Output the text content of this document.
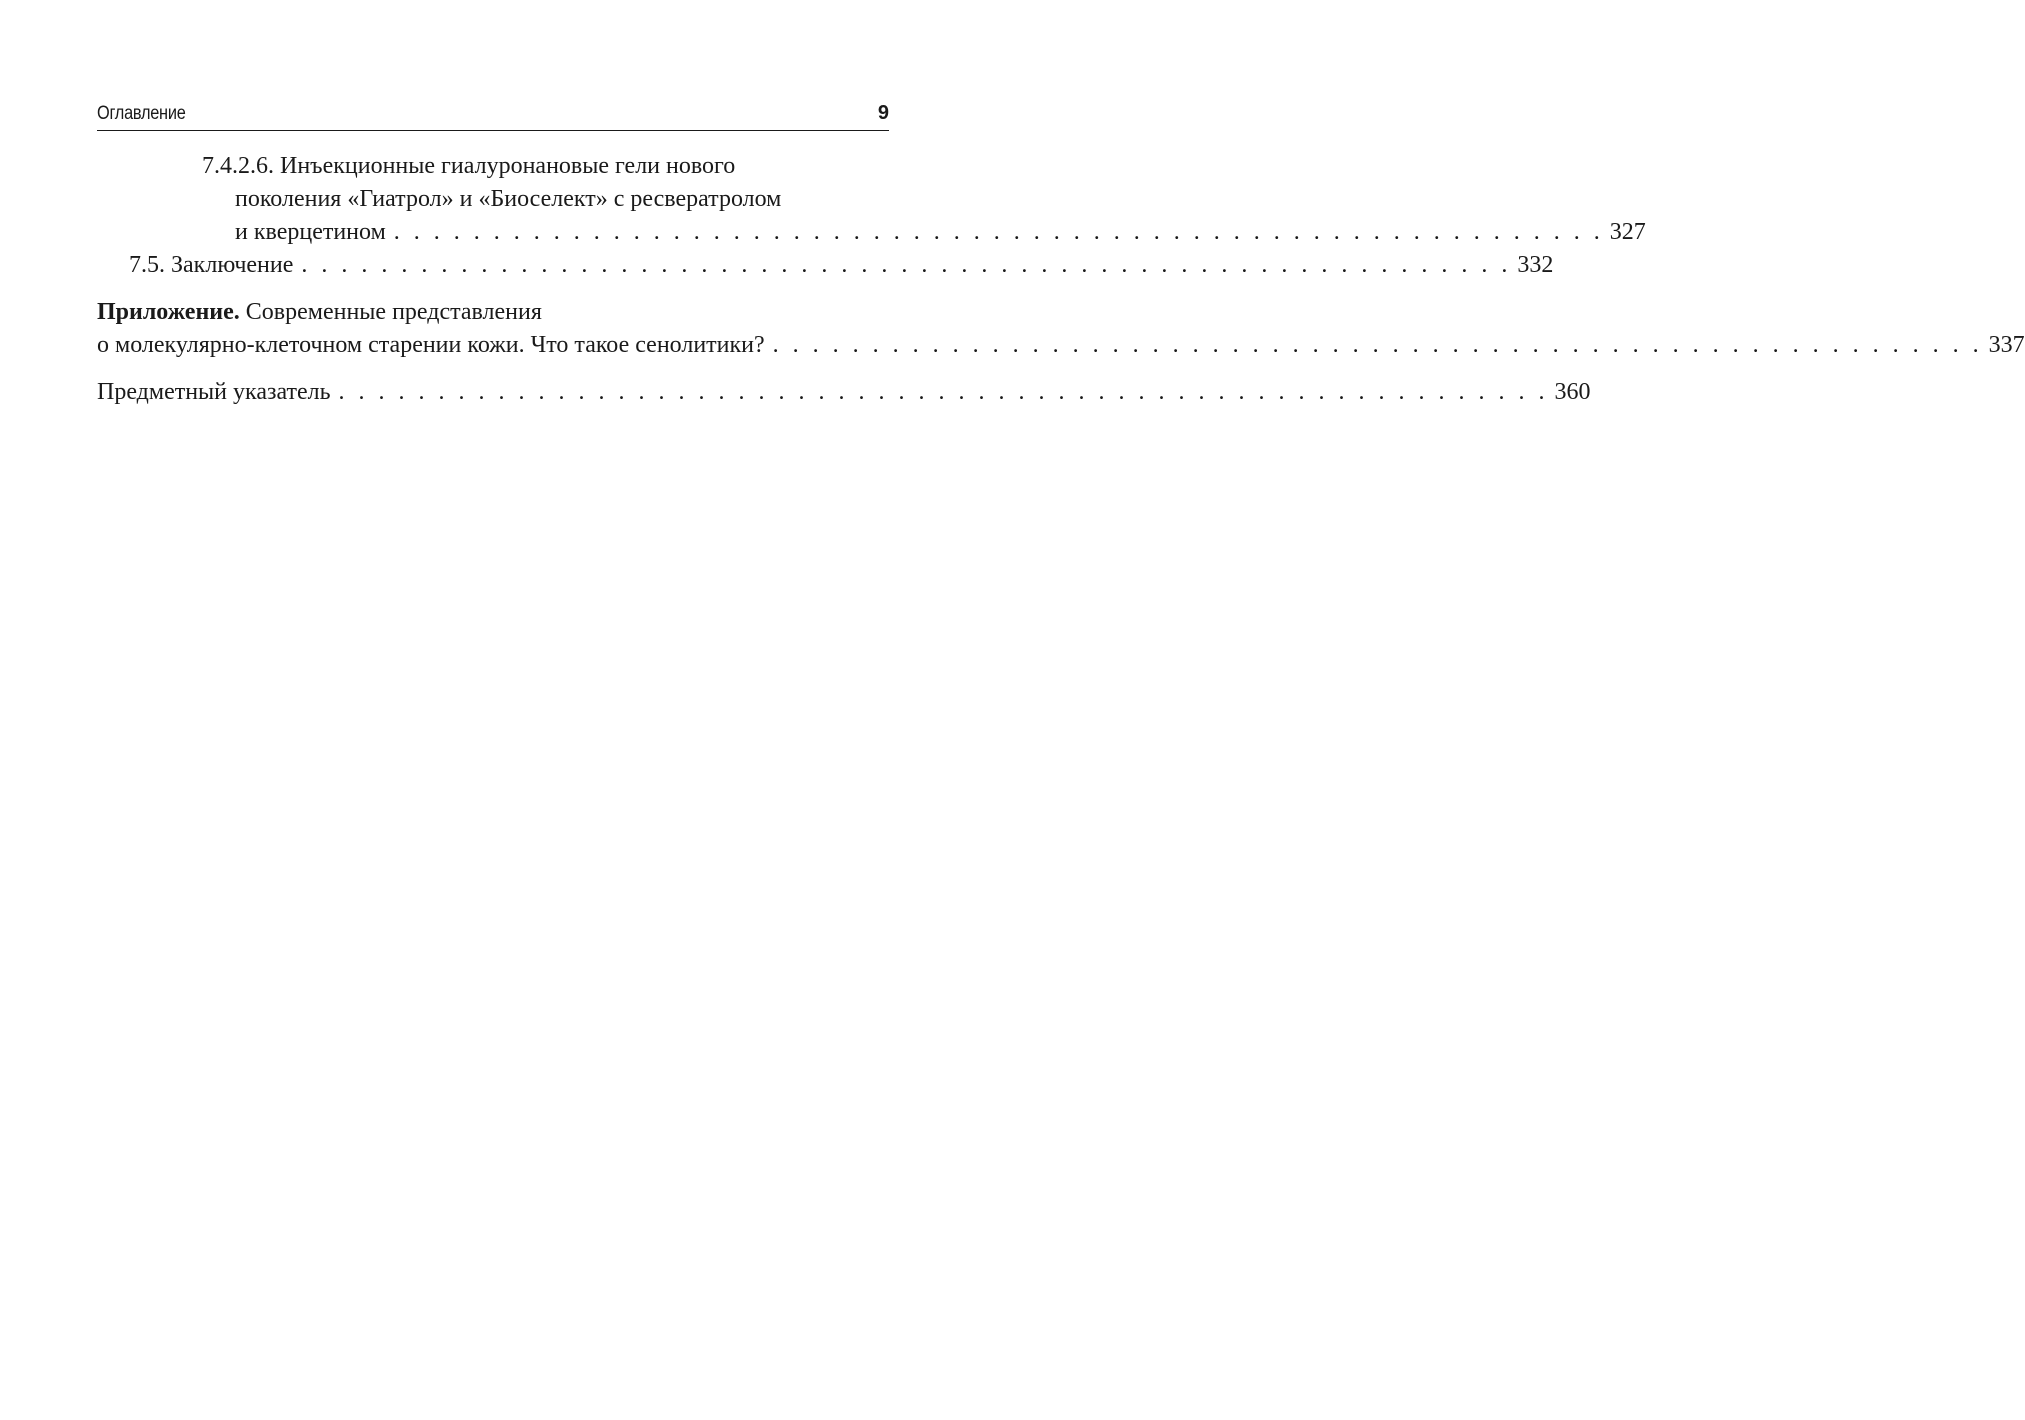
Оглавление	9
7.4.2.6. Инъекционные гиалуронановые гели нового
поколения «Гиатрол» и «Биоселект» с ресвератролом
и кверцетином . . . . . . . . . . . . . . . . . . . . . . . . . . . . . . . . . . . . . . . . . . . . . . . . . . . . . . . . . . . . . 327
7.5. Заключение . . . . . . . . . . . . . . . . . . . . . . . . . . . . . . . . . . . . . . . . . . . . . . . . . . . . . . . . . . . . . 332
Приложение. Современные представления
о молекулярно-клеточном старении кожи. Что такое сенолитики? . . . . . . . . . . . . . . . . . . . . . . . . . . . . . . . . . . . . . . . . . . . . . . . . . . . . . . . . . . . . . 337
Предметный указатель . . . . . . . . . . . . . . . . . . . . . . . . . . . . . . . . . . . . . . . . . . . . . . . . . . . . . . . . . . . . . 360
